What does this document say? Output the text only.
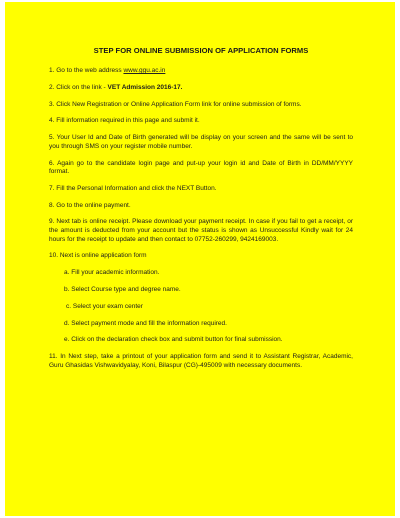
STEP FOR ONLINE SUBMISSION OF APPLICATION FORMS
1. Go to the web address www.ggu.ac.in
2. Click on the link - VET Admission 2016-17.
3. Click New Registration or Online Application Form link for online submission of forms.
4. Fill information required in this page and submit it.
5. Your User Id and Date of Birth generated will be display on your screen and the same will be sent to you through SMS on your register mobile number.
6. Again go to the candidate login page and put-up your login id and Date of Birth in DD/MM/YYYY format.
7. Fill the Personal Information and click the NEXT Button.
8. Go to the online payment.
9. Next tab is online receipt. Please download your payment receipt. In case if you fail to get a receipt, or the amount is deducted from your account but the status is shown as Unsuccessful Kindly wait for 24 hours for the receipt to update and then contact to 07752-260299, 9424169003.
10. Next is online application form
a. Fill your academic information.
b. Select Course type and degree name.
c. Select your exam center
d. Select payment mode and fill the information required.
e. Click on the declaration check box and submit button for final submission.
11. In Next step, take a printout of your application form and send it to Assistant Registrar, Academic, Guru Ghasidas Vishwavidyalay, Koni, Bilaspur (CG)-495009 with necessary documents.
